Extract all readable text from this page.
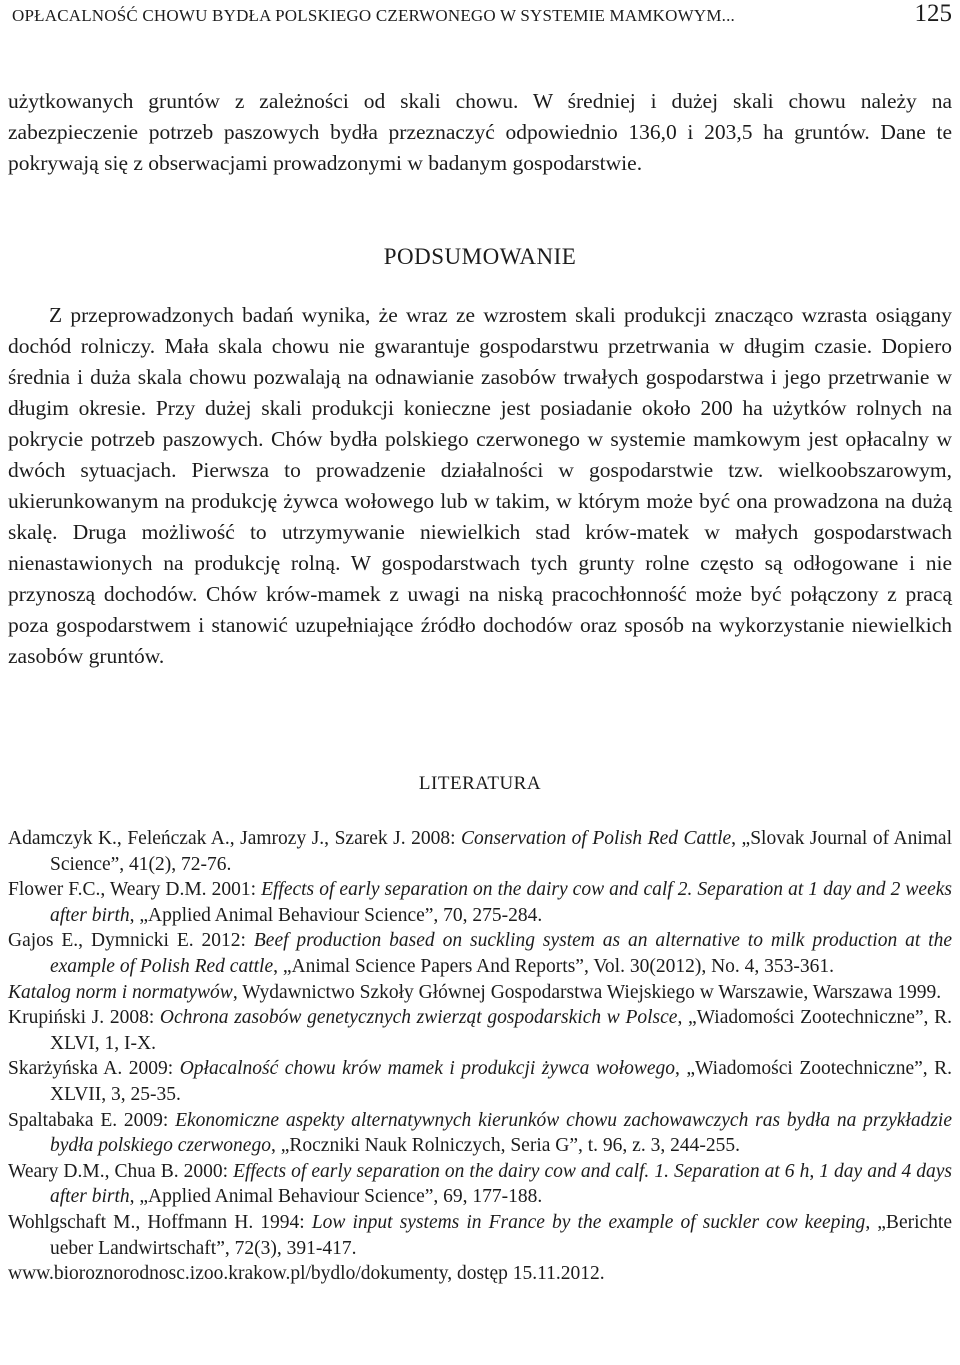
OPŁACALNOŚĆ CHOWU BYDŁA POLSKIEGO CZERWONEGO W SYSTEMIE MAMKOWYM...	125

użytkowanych gruntów z zależności od skali chowu. W średniej i dużej skali chowu należy na zabezpieczenie potrzeb paszowych bydła przeznaczyć odpowiednio 136,0 i 203,5 ha gruntów. Dane te pokrywają się z obserwacjami prowadzonymi w badanym gospodarstwie.

PODSUMOWANIE

Z przeprowadzonych badań wynika, że wraz ze wzrostem skali produkcji znacząco wzrasta osiągany dochód rolniczy. Mała skala chowu nie gwarantuje gospodarstwu przetrwania w długim czasie. Dopiero średnia i duża skala chowu pozwalają na odnawianie zasobów trwałych gospodarstwa i jego przetrwanie w długim okresie. Przy dużej skali produkcji konieczne jest posiadanie około 200 ha użytków rolnych na pokrycie potrzeb paszowych. Chów bydła polskiego czerwonego w systemie mamkowym jest opłacalny w dwóch sytuacjach. Pierwsza to prowadzenie działalności w gospodarstwie tzw. wielkoobszarowym, ukierunkowanym na produkcję żywca wołowego lub w takim, w którym może być ona prowadzona na dużą skalę. Druga możliwość to utrzymywanie niewielkich stad krów-matek w małych gospodarstwach nienastawionych na produkcję rolną. W gospodarstwach tych grunty rolne często są odłogowane i nie przynoszą dochodów. Chów krów-mamek z uwagi na niską pracochłonność może być połączony z pracą poza gospodarstwem i stanowić uzupełniające źródło dochodów oraz sposób na wykorzystanie niewielkich zasobów gruntów.

LITERATURA
Adamczyk K., Feleńczak A., Jamrozy J., Szarek J. 2008: Conservation of Polish Red Cattle, „Slovak Journal of Animal Science”, 41(2), 72-76.
Flower F.C., Weary D.M. 2001: Effects of early separation on the dairy cow and calf 2. Separation at 1 day and 2 weeks after birth, „Applied Animal Behaviour Science”, 70, 275-284.
Gajos E., Dymnicki E. 2012: Beef production based on suckling system as an alternative to milk production at the example of Polish Red cattle, „Animal Science Papers And Reports”, Vol. 30(2012), No. 4, 353-361.
Katalog norm i normatywów, Wydawnictwo Szkoły Głównej Gospodarstwa Wiejskiego w Warszawie, Warszawa 1999.
Krupiński J. 2008: Ochrona zasobów genetycznych zwierząt gospodarskich w Polsce, „Wiadomości Zootechniczne”, R. XLVI, 1, I-X.
Skarżyńska A. 2009: Opłacalność chowu krów mamek i produkcji żywca wołowego, „Wiadomości Zootechniczne”, R. XLVII, 3, 25-35.
Spaltabaka E. 2009: Ekonomiczne aspekty alternatywnych kierunków chowu zachowawczych ras bydła na przykładzie bydła polskiego czerwonego, „Roczniki Nauk Rolniczych, Seria G”, t. 96, z. 3, 244-255.
Weary D.M., Chua B. 2000: Effects of early separation on the dairy cow and calf. 1. Separation at 6 h, 1 day and 4 days after birth, „Applied Animal Behaviour Science”, 69, 177-188.
Wohlgschaft M., Hoffmann H. 1994: Low input systems in France by the example of suckler cow keeping, „Berichte ueber Landwirtschaft”, 72(3), 391-417.
www.bioroznorodnosc.izoo.krakow.pl/bydlo/dokumenty, dostęp 15.11.2012.
